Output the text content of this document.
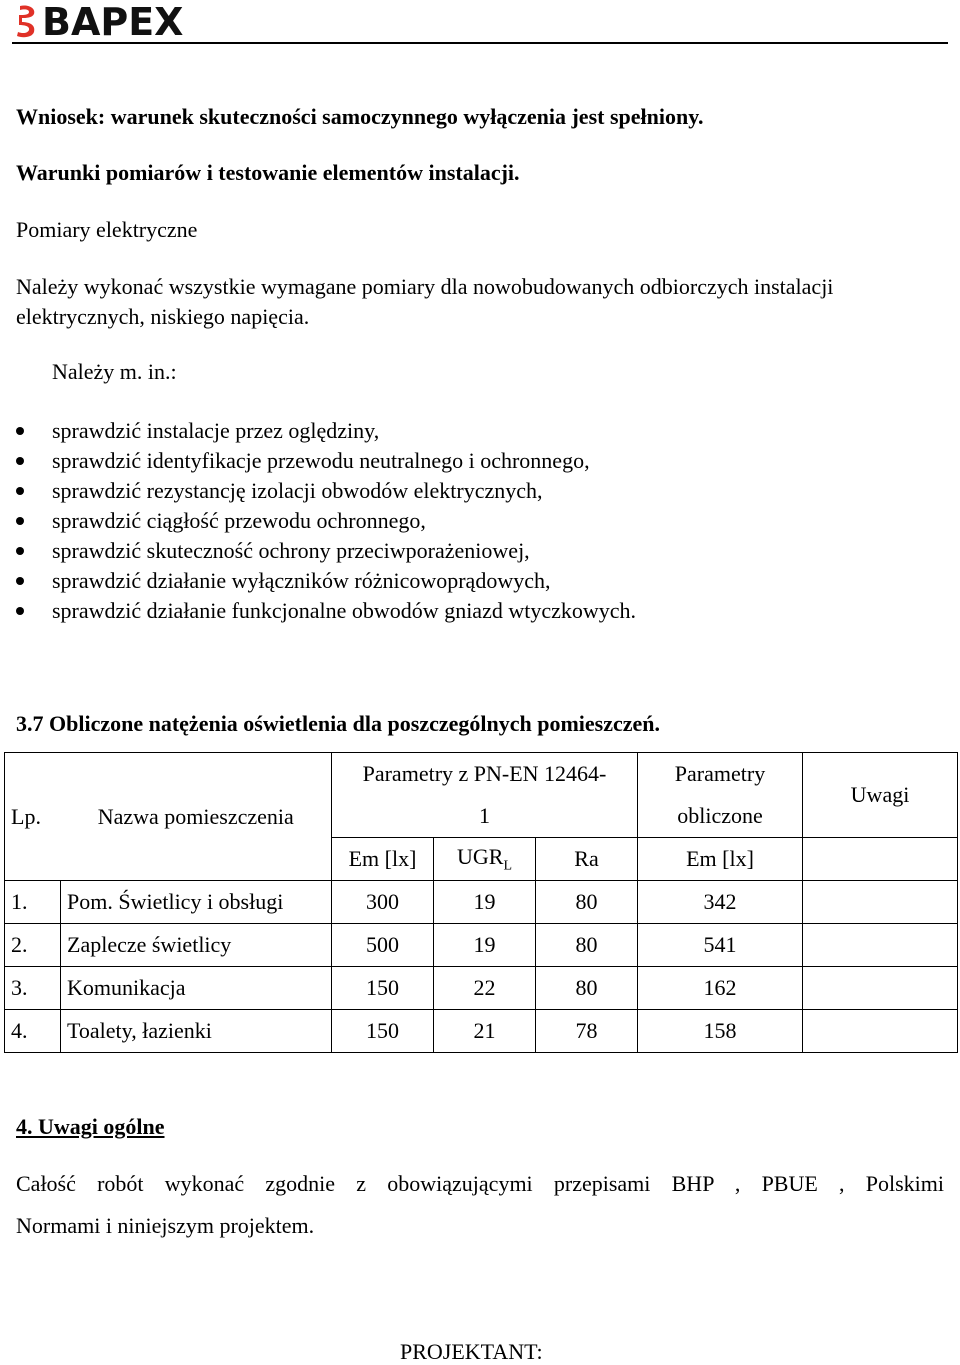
BAPEX
Wniosek: warunek skuteczności samoczynnego wyłączenia jest spełniony.
Warunki pomiarów i testowanie elementów instalacji.
Pomiary elektryczne
Należy wykonać wszystkie wymagane pomiary dla nowobudowanych odbiorczych instalacji
elektrycznych, niskiego napięcia.
Należy m. in.:
sprawdzić instalacje przez oględziny,
sprawdzić identyfikacje przewodu neutralnego i ochronnego,
sprawdzić rezystancję izolacji obwodów elektrycznych,
sprawdzić ciągłość przewodu ochronnego,
sprawdzić skuteczność ochrony przeciwporażeniowej,
sprawdzić działanie wyłączników różnicowoprądowych,
sprawdzić działanie funkcjonalne obwodów gniazd wtyczkowych.
3.7 Obliczone natężenia oświetlenia dla poszczególnych pomieszczeń.
Lp.	Nazwa pomieszczenia	Parametry z PN-EN 12464-			Parametry	Uwagi
		1			obliczone	
		Em [lx]	$UGR_L$	Ra	Em [lx]	
1.	Pom. Świetlicy i obsługi	300	19	80	342	
2.	Zaplecze świetlicy	500	19	80	541	
3.	Komunikacja	150	22	80	162	
4.	Toalety, łazienki	150	21	78	158	
4. Uwagi ogólne
Całość robót wykonać zgodnie z obowiązującymi przepisami BHP , PBUE , Polskimi
Normami i niniejszym projektem.
PROJEKTANT:
